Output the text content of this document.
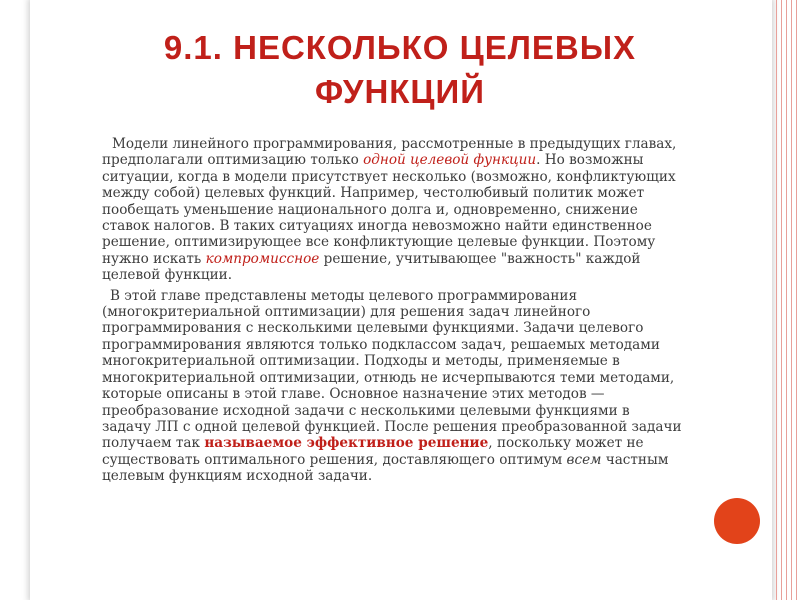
9.1. НЕСКОЛЬКО ЦЕЛЕВЫХ
ФУНКЦИЙ

Модели линейного программирования, рассмотренные в предыдущих главах, предполагали оптимизацию только одной целевой функции. Но возможны ситуации, когда в модели присутствует несколько (возможно, конфликтующих между собой) целевых функций. Например, честолюбивый политик может пообещать уменьшение национального долга и, одновременно, снижение ставок налогов. В таких ситуациях иногда невозможно найти единственное решение, оптимизирующее все конфликтующие целевые функции. Поэтому нужно искать компромиссное решение, учитывающее "важность" каждой целевой функции.

В этой главе представлены методы целевого программирования (многокритериальной оптимизации) для решения задач линейного программирования с несколькими целевыми функциями. Задачи целевого программирования являются только подклассом задач, решаемых методами многокритериальной оптимизации. Подходы и методы, применяемые в многокритериальной оптимизации, отнюдь не исчерпываются теми методами, которые описаны в этой главе. Основное назначение этих методов — преобразование исходной задачи с несколькими целевыми функциями в задачу ЛП с одной целевой функцией. После решения преобразованной задачи получаем так называемое эффективное решение, поскольку может не существовать оптимального решения, доставляющего оптимум всем частным целевым функциям исходной задачи.
